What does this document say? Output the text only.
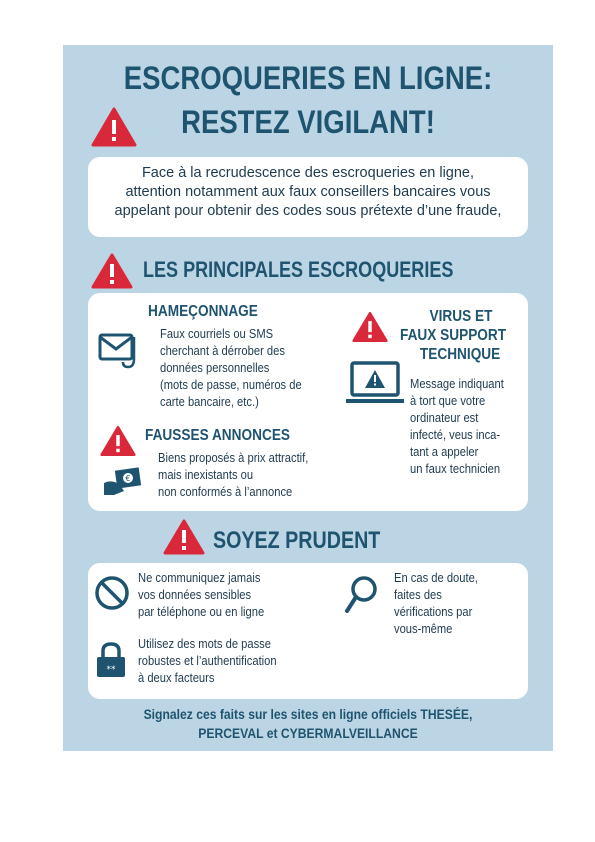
ESCROQUERIES EN LIGNE:
RESTEZ VIGILANT!
Face à la recrudescence des escroqueries en ligne,
attention notamment aux faux conseillers bancaires vous
appelant pour obtenir des codes sous prétexte d’une fraude,
LES PRINCIPALES ESCROQUERIES
HAMEÇONNAGE
Faux courriels ou SMS
cherchant à dérrober des
données personnelles
(mots de passe, numéros de
carte bancaire, etc.)
VIRUS ET
FAUX SUPPORT
TECHNIQUE
Message indiquant
à tort que votre
ordinateur est
infecté, veus inca-
tant a appeler
un faux technicien
FAUSSES ANNONCES
€
Biens proposés à prix attractif,
mais inexistants ou
non conformés à l’annonce
SOYEZ PRUDENT
Ne communiquez jamais
vos données sensibles
par téléphone ou en ligne
En cas de doute,
faites des
vérifications par
vous-même
**
Utilisez des mots de passe
robustes et l’authentification
à deux facteurs
Signalez ces faits sur les sites en ligne officiels THESÉE,
PERCEVAL et CYBERMALVEILLANCE
